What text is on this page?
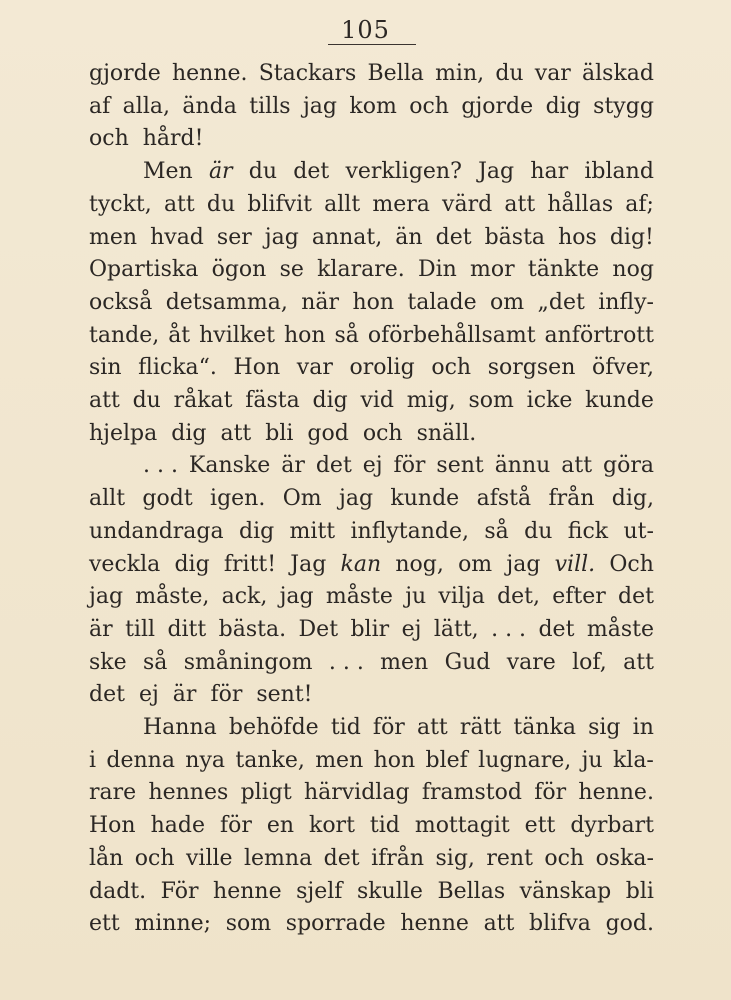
105
gjorde henne. Stackars Bella min, du var älskad
af alla, ända tills jag kom och gjorde dig stygg
och hård!
Men är du det verkligen? Jag har ibland
tyckt, att du blifvit allt mera värd att hållas af;
men hvad ser jag annat, än det bästa hos dig!
Opartiska ögon se klarare. Din mor tänkte nog
också detsamma, när hon talade om „det infly-
tande, åt hvilket hon så oförbehållsamt anförtrott
sin flicka“. Hon var orolig och sorgsen öfver,
att du råkat fästa dig vid mig, som icke kunde
hjelpa dig att bli god och snäll.
. . . Kanske är det ej för sent ännu att göra
allt godt igen. Om jag kunde afstå från dig,
undandraga dig mitt inflytande, så du fick ut-
veckla dig fritt! Jag kan nog, om jag vill. Och
jag måste, ack, jag måste ju vilja det, efter det
är till ditt bästa. Det blir ej lätt, . . . det måste
ske så småningom . . . men Gud vare lof, att
det ej är för sent!
Hanna behöfde tid för att rätt tänka sig in
i denna nya tanke, men hon blef lugnare, ju kla-
rare hennes pligt härvidlag framstod för henne.
Hon hade för en kort tid mottagit ett dyrbart
lån och ville lemna det ifrån sig, rent och oska-
dadt. För henne sjelf skulle Bellas vänskap bli
ett minne; som sporrade henne att blifva god.
